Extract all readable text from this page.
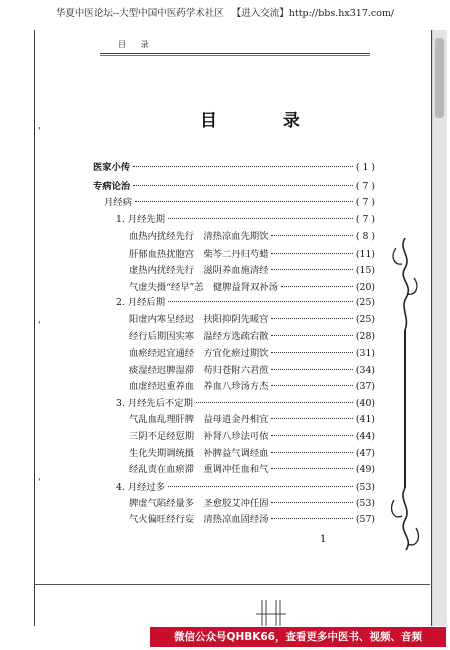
华夏中医论坛--大型中国中医药学术社区 【进入交流】http://bbs.hx317.com/
目 录
目 录
'
'
'
医家小传	( 1 )
专病论治	( 7 )
月经病	( 7 )
1. 月经先期	( 7 )
血热内扰经先行　清热凉血先期饮	( 8 )
肝郁血热扰胞宫　柴芩二丹归芍蜡	(11)
虚热内扰经先行　滋阴养血施清经	(15)
气虚失摄“经早”恙　健脾益肾双补汤	(20)
2. 月经后期	(25)
阳虚内寒呈经迟　扶阳抑阴先暖宫	(25)
经行后期因实寒　温经方选疏宕散	(28)
血瘀经迟宜通经　方宜化瘀过期饮	(31)
痰湿经迟脾湿滞　苟归苍附六君煎	(34)
血虚经迟重养血　养血八珍汤方杰	(37)
3. 月经先后不定期	(40)
气乱血乱理肝脾　益母逍金丹相宜	(41)
三阴不足经愆期　补肾八珍法可依	(44)
生化失期调统摄　补脾益气调经血	(47)
经乱责在血瘀滞　重调冲任血和气	(49)
4. 月经过多	(53)
脾虚气陷经量多　圣愈胶艾冲任固	(53)
气火偏旺经行妄　清热凉血固经汤	(57)
1
微信公众号QHBK66，查看更多中医书、视频、音频
